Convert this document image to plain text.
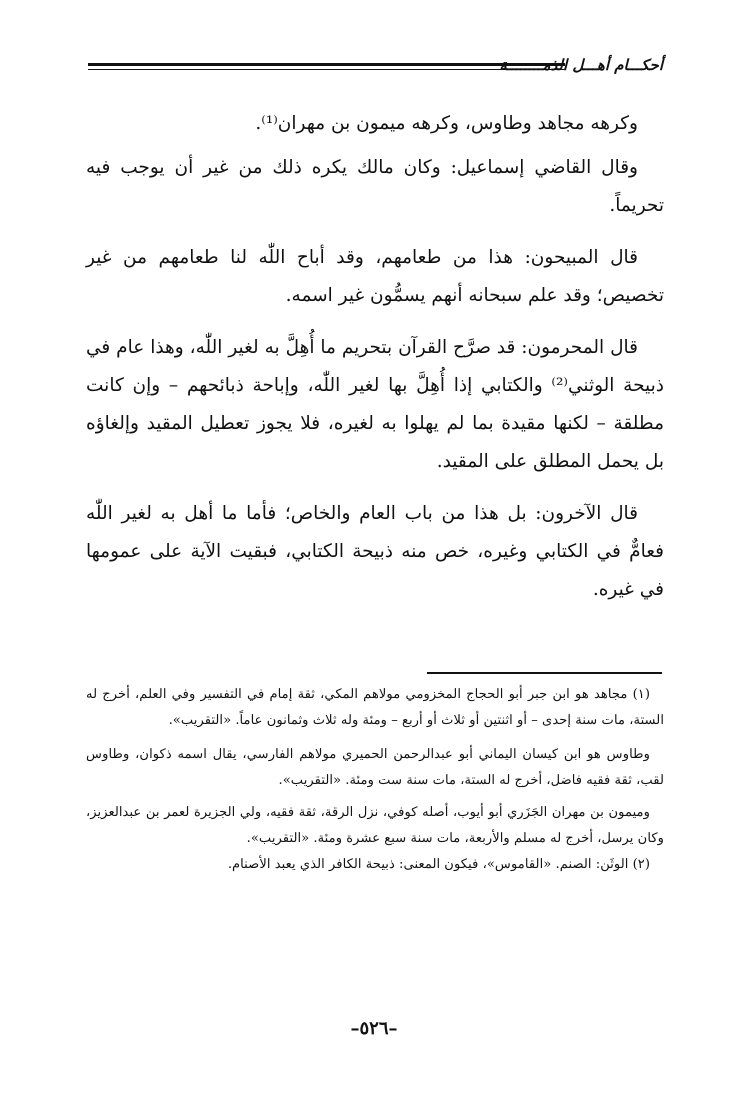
أحكـــام أهـــل الذمــــــــة

وكرهه مجاهد وطاوس، وكرهه ميمون بن مهران⁽¹⁾.

وقال القاضي إسماعيل: وكان مالك يكره ذلك من غير أن يوجب فيه تحريماً.

قال المبيحون: هذا من طعامهم، وقد أباح اللّٰه لنا طعامهم من غير تخصيص؛ وقد علم سبحانه أنهم يسمُّون غير اسمه.

قال المحرمون: قد صرَّح القرآن بتحريم ما أُهِلَّ به لغير اللّٰه، وهذا عام في ذبيحة الوثني⁽²⁾ والكتابي إذا أُهِلَّ بها لغير اللّٰه، وإباحة ذبائحهم – وإن كانت مطلقة – لكنها مقيدة بما لم يهلوا به لغيره، فلا يجوز تعطيل المقيد وإلغاؤه بل يحمل المطلق على المقيد.

قال الآخرون: بل هذا من باب العام والخاص؛ فأما ما أهل به لغير اللّٰه فعامٌّ في الكتابي وغيره، خص منه ذبيحة الكتابي، فبقيت الآية على عمومها في غيره.

(١) مجاهد هو ابن جبر أبو الحجاج المخزومي مولاهم المكي، ثقة إمام في التفسير وفي العلم، أخرج له الستة، مات سنة إحدى – أو اثنتين أو ثلاث أو أربع – ومئة وله ثلاث وثمانون عاماً. «التقريب».

وطاوس هو ابن كيسان اليماني أبو عبدالرحمن الحميري مولاهم الفارسي، يقال اسمه ذكوان، وطاوس لقب، ثقة فقيه فاضل، أخرج له الستة، مات سنة ست ومئة. «التقريب».

وميمون بن مهران الجَزَري أبو أيوب، أصله كوفي، نزل الرقة، ثقة فقيه، ولي الجزيرة لعمر بن عبدالعزيز، وكان يرسل، أخرج له مسلم والأربعة، مات سنة سبع عشرة ومئة. «التقريب».

(٢) الوثَن: الصنم. «القاموس»، فيكون المعنى: ذبيحة الكافر الذي يعبد الأصنام.

–٥٢٦–
